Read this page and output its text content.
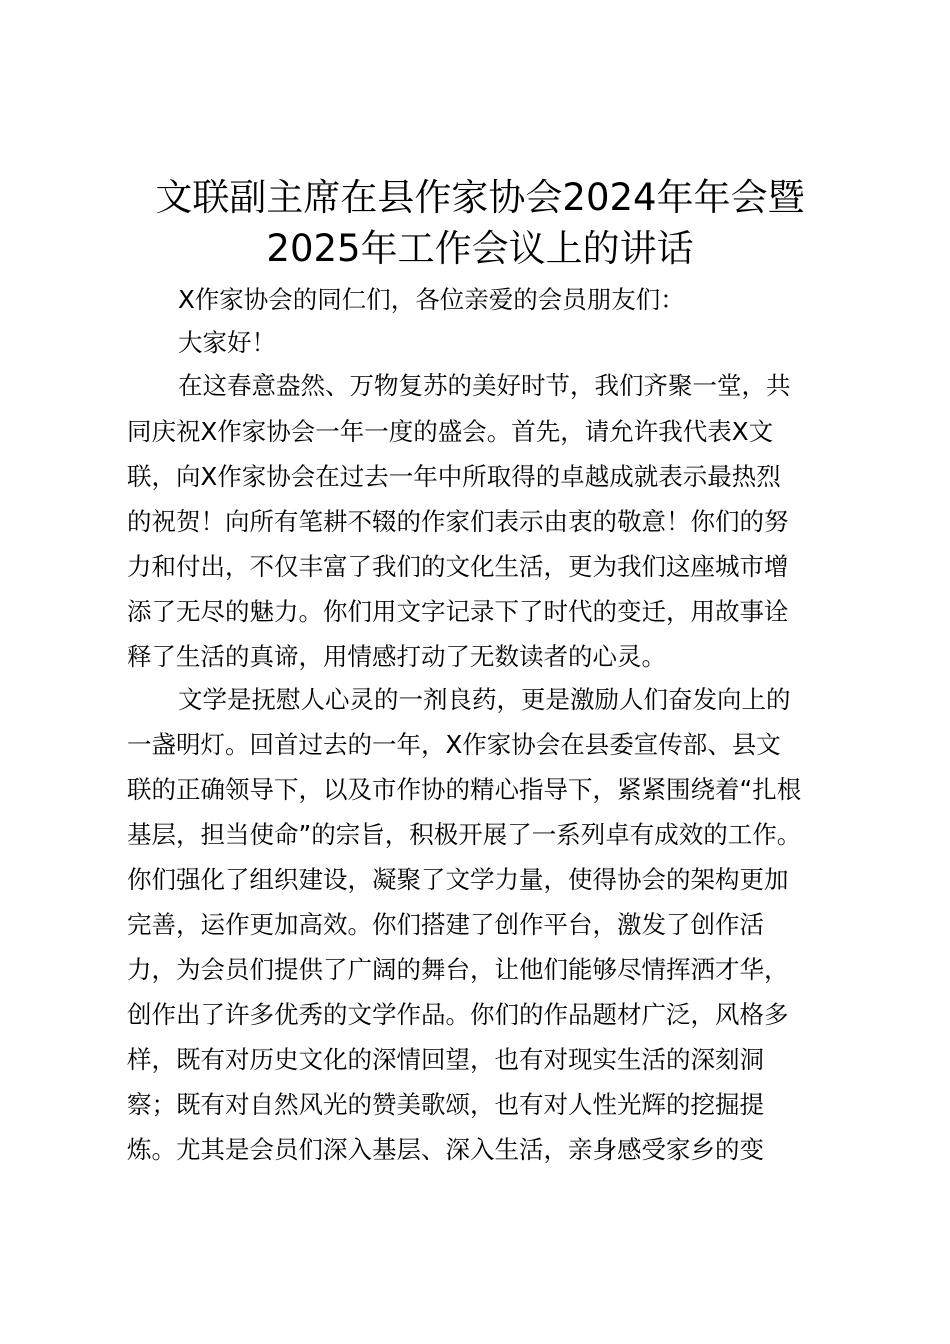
文联副主席在县作家协会2024年年会暨
2025年工作会议上的讲话
X作家协会的同仁们，各位亲爱的会员朋友们：
大家好！
在这春意盎然、万物复苏的美好时节，我们齐聚一堂，共
同庆祝X作家协会一年一度的盛会。首先，请允许我代表X文
联，向X作家协会在过去一年中所取得的卓越成就表示最热烈
的祝贺！向所有笔耕不辍的作家们表示由衷的敬意！你们的努
力和付出，不仅丰富了我们的文化生活，更为我们这座城市增
添了无尽的魅力。你们用文字记录下了时代的变迁，用故事诠
释了生活的真谛，用情感打动了无数读者的心灵。
文学是抚慰人心灵的一剂良药，更是激励人们奋发向上的
一盏明灯。回首过去的一年，X作家协会在县委宣传部、县文
联的正确领导下，以及市作协的精心指导下，紧紧围绕着“扎根
基层，担当使命”的宗旨，积极开展了一系列卓有成效的工作。
你们强化了组织建设，凝聚了文学力量，使得协会的架构更加
完善，运作更加高效。你们搭建了创作平台，激发了创作活
力，为会员们提供了广阔的舞台，让他们能够尽情挥洒才华，
创作出了许多优秀的文学作品。你们的作品题材广泛，风格多
样，既有对历史文化的深情回望，也有对现实生活的深刻洞
察；既有对自然风光的赞美歌颂，也有对人性光辉的挖掘提
炼。尤其是会员们深入基层、深入生活，亲身感受家乡的变
